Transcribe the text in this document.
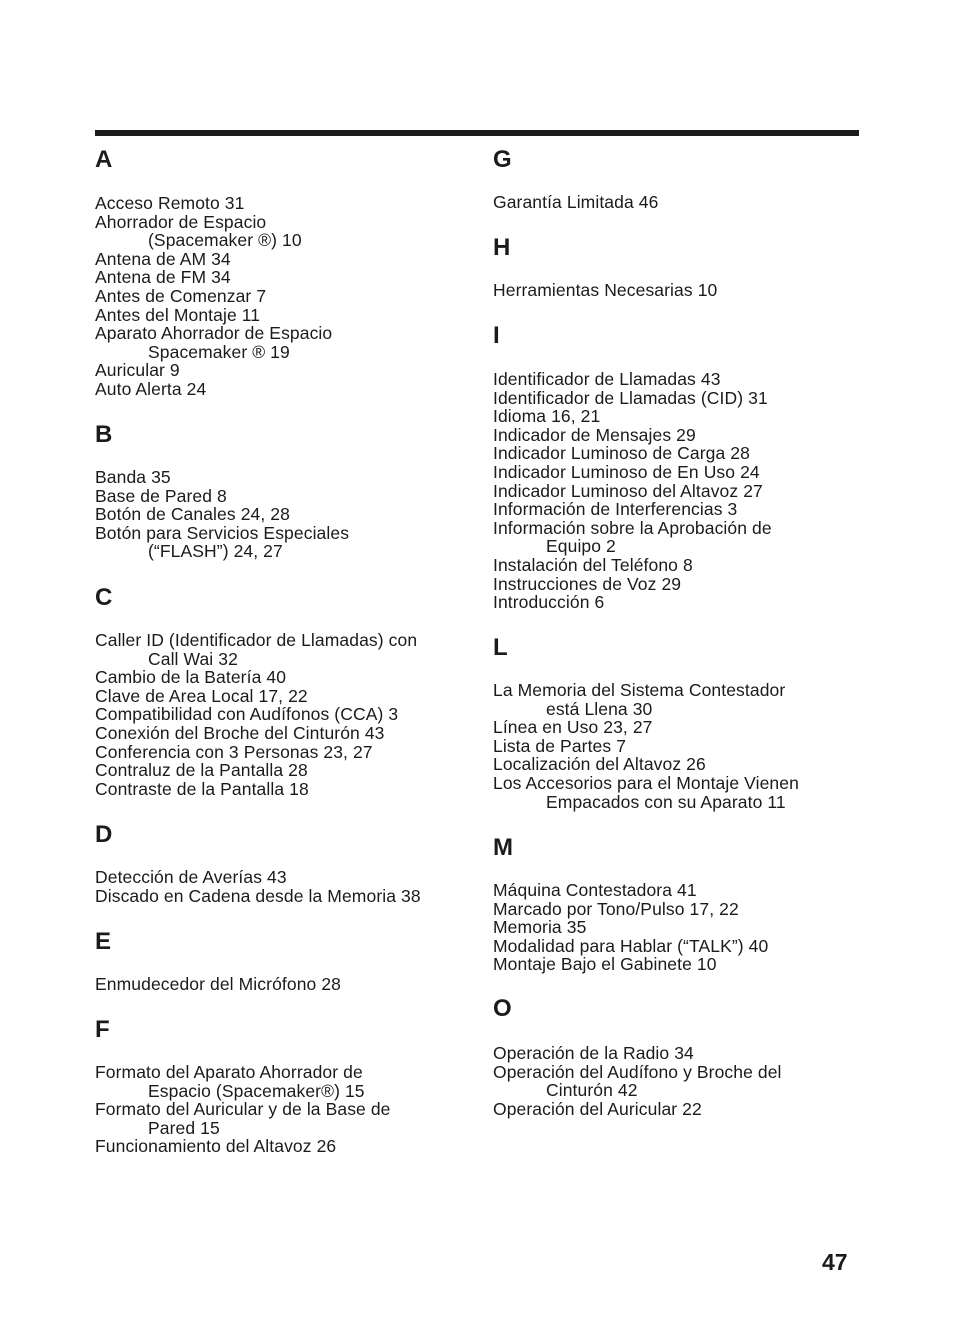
A
Acceso Remoto 31
Ahorrador de Espacio
(Spacemaker ®) 10
Antena de AM 34
Antena de FM 34
Antes de Comenzar 7
Antes del Montaje 11
Aparato Ahorrador de Espacio
Spacemaker ® 19
Auricular 9
Auto Alerta 24
B
Banda 35
Base de Pared 8
Botón de Canales 24, 28
Botón para Servicios Especiales
(“FLASH”) 24, 27
C
Caller ID (Identificador de Llamadas) con
Call Wai 32
Cambio de la Batería 40
Clave de Area Local 17, 22
Compatibilidad con Audífonos (CCA) 3
Conexión del Broche del Cinturón 43
Conferencia con 3 Personas 23, 27
Contraluz de la Pantalla 28
Contraste de la Pantalla 18
D
Detección de Averías 43
Discado en Cadena desde la Memoria 38
E
Enmudecedor del Micrófono 28
F
Formato del Aparato Ahorrador de
Espacio (Spacemaker®) 15
Formato del Auricular y de la Base de
Pared 15
Funcionamiento del Altavoz 26
G
Garantía Limitada 46
H
Herramientas Necesarias 10
I
Identificador de Llamadas 43
Identificador de Llamadas (CID) 31
Idioma 16, 21
Indicador de Mensajes 29
Indicador Luminoso de Carga 28
Indicador Luminoso de En Uso 24
Indicador Luminoso del Altavoz 27
Información de Interferencias 3
Información sobre la Aprobación de
Equipo 2
Instalación del Teléfono 8
Instrucciones de Voz 29
Introducción 6
L
La Memoria del Sistema Contestador
está Llena 30
Línea en Uso 23, 27
Lista de Partes 7
Localización del Altavoz 26
Los Accesorios para el Montaje Vienen
Empacados con su Aparato 11
M
Máquina Contestadora 41
Marcado por Tono/Pulso 17, 22
Memoria 35
Modalidad para Hablar (“TALK”) 40
Montaje Bajo el Gabinete 10
O
Operación de la Radio 34
Operación del Audífono y Broche del
Cinturón 42
Operación del Auricular 22
47
